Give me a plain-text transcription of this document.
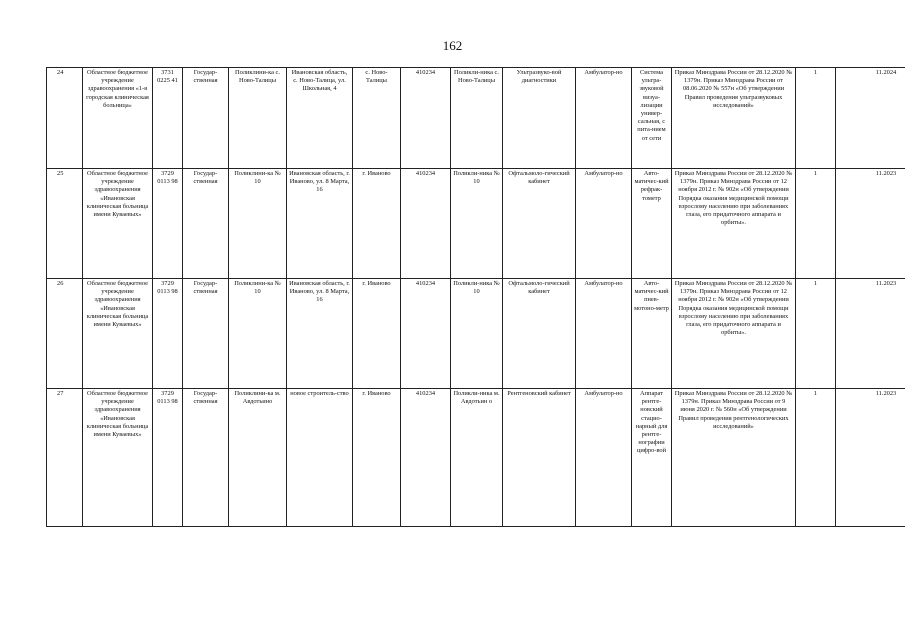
162
24	Областное бюджетное учреждение здравоохранения «1-я городская клиническая больница»	3731 0225 41	Государ-ственная	Поликлини-ка с. Ново-Талицы	Ивановская область, с. Ново-Талица, ул. Школьная, 4	с. Ново-Талицы	410234	Поликли-ника с. Ново-Талицы	Ультразвуко-вой диагностики	Амбулатор-но	Система ультра-звуковой визуа-лизации универ-сальная, с пита-нием от сети	Приказ Минздрава России от 28.12.2020 № 1379н. Приказ Минздрава России от 08.06.2020 № 557н «Об утверждении Правил проведения ультразвуковых исследований»	1	11.2024
25	Областное бюджетное учреждение здравоохранения «Ивановская клиническая больница имени Куваевых»	3729 0113 98	Государ-ственная	Поликлини-ка № 10	Ивановская область, г. Иваново, ул. 8 Марта, 16	г. Иваново	410234	Поликли-ника № 10	Офтальмоло-гический кабинет	Амбулатор-но	Авто-матичес-кий рефрак-тометр	Приказ Минздрава России от 28.12.2020 № 1379н. Приказ Минздрава России от 12 ноября 2012 г. № 902н «Об утверждении Порядка оказания медицинской помощи взрослому населению при заболеваниях глаза, его придаточного аппарата и орбиты».	1	11.2023
26	Областное бюджетное учреждение здравоохранения «Ивановская клиническая больница имени Куваевых»	3729 0113 98	Государ-ственная	Поликлини-ка № 10	Ивановская область, г. Иваново, ул. 8 Марта, 16	г. Иваново	410234	Поликли-ника № 10	Офтальмоло-гический кабинет	Амбулатор-но	Авто-матичес-кий пнев-мотоно-метр	Приказ Минздрава России от 28.12.2020 № 1379н. Приказ Минздрава России от 12 ноября 2012 г. № 902н «Об утверждении Порядка оказания медицинской помощи взрослому населению при заболеваниях глаза, его придаточного аппарата и орбиты».	1	11.2023
27	Областное бюджетное учреждение здравоохранения «Ивановская клиническая больница имени Куваевых»	3729 0113 98	Государ-ственная	Поликлини-ка м. Авдотьино	новое строитель-ство	г. Иваново	410234	Поликли-ника м. Авдотьин о	Рентгеновский кабинет	Амбулатор-но	Аппарат рентге-новский стацио-нарный для рентге-нографии цифро-вой	Приказ Минздрава России от 28.12.2020 № 1379н. Приказ Минздрава России от 9 июня 2020 г. № 560н «Об утверждении Правил проведения рентгенологических исследований»	1	11.2023
